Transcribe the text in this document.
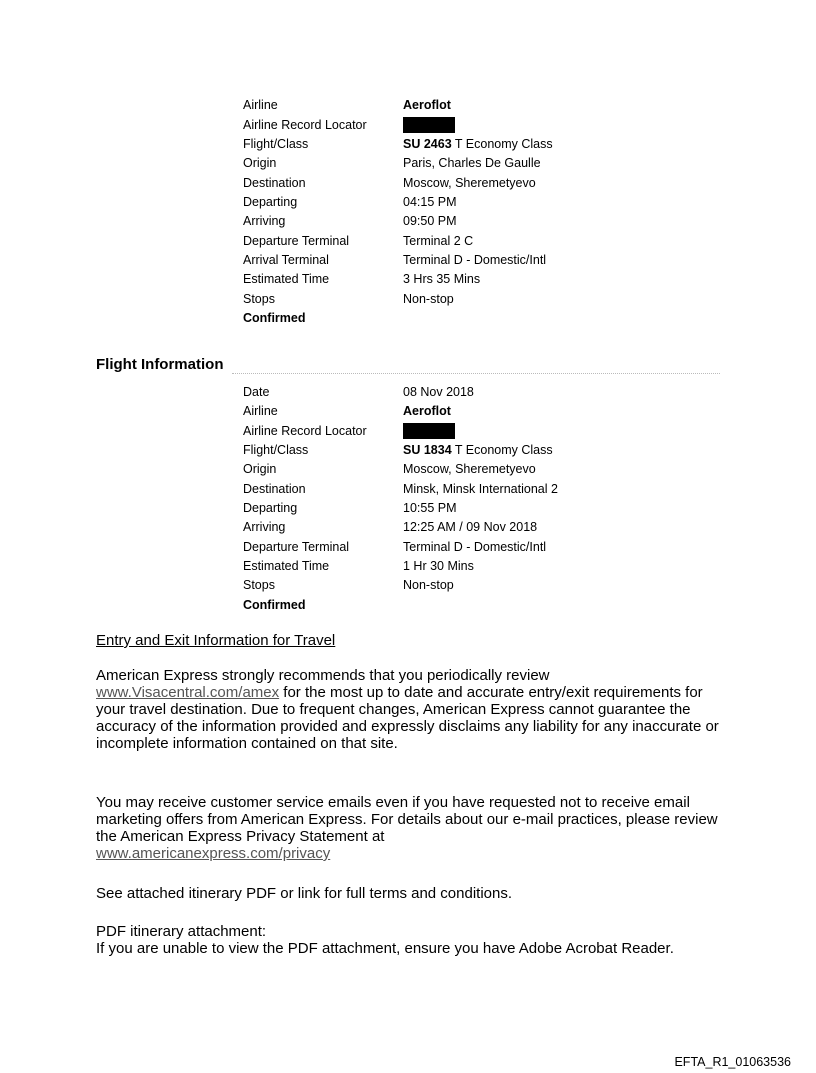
Airline	Aeroflot
Airline Record Locator
Flight/Class	SU 2463 T Economy Class
Origin	Paris, Charles De Gaulle
Destination	Moscow, Sheremetyevo
Departing	04:15 PM
Arriving	09:50 PM
Departure Terminal	Terminal 2 C
Arrival Terminal	Terminal D - Domestic/Intl
Estimated Time	3 Hrs 35 Mins
Stops	Non-stop
Confirmed
Flight Information
Date	08 Nov 2018
Airline	Aeroflot
Airline Record Locator
Flight/Class	SU 1834 T Economy Class
Origin	Moscow, Sheremetyevo
Destination	Minsk, Minsk International 2
Departing	10:55 PM
Arriving	12:25 AM / 09 Nov 2018
Departure Terminal	Terminal D - Domestic/Intl
Estimated Time	1 Hr 30 Mins
Stops	Non-stop
Confirmed
Entry and Exit Information for Travel
American Express strongly recommends that you periodically review
www.Visacentral.com/amex for the most up to date and accurate entry/exit requirements for your travel destination. Due to frequent changes, American Express cannot guarantee the accuracy of the information provided and expressly disclaims any liability for any inaccurate or incomplete information contained on that site.
You may receive customer service emails even if you have requested not to receive email marketing offers from American Express. For details about our e-mail practices, please review the American Express Privacy Statement at
www.americanexpress.com/privacy
See attached itinerary PDF or link for full terms and conditions.
PDF itinerary attachment:
If you are unable to view the PDF attachment, ensure you have Adobe Acrobat Reader.
EFTA_R1_01063536
